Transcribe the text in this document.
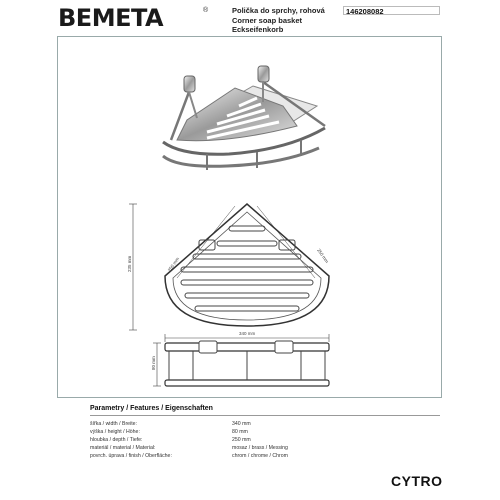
BEMETA	®	Polička do sprchy, rohová
Corner soap basket
Eckseifenkorb
146208082
235 mm	250 mm
250 mm
340 mm
80 mm
Parametry / Features / Eigenschaften
šířka / width / Breite:	340 mm
výška / height / Höhe:	80 mm
hloubka / depth / Tiefe:	250 mm
materiál / material / Material:	mosaz / brass / Messing
povrch. úprava / finish / Oberfläche:	chrom / chrome / Chrom
CYTRO
